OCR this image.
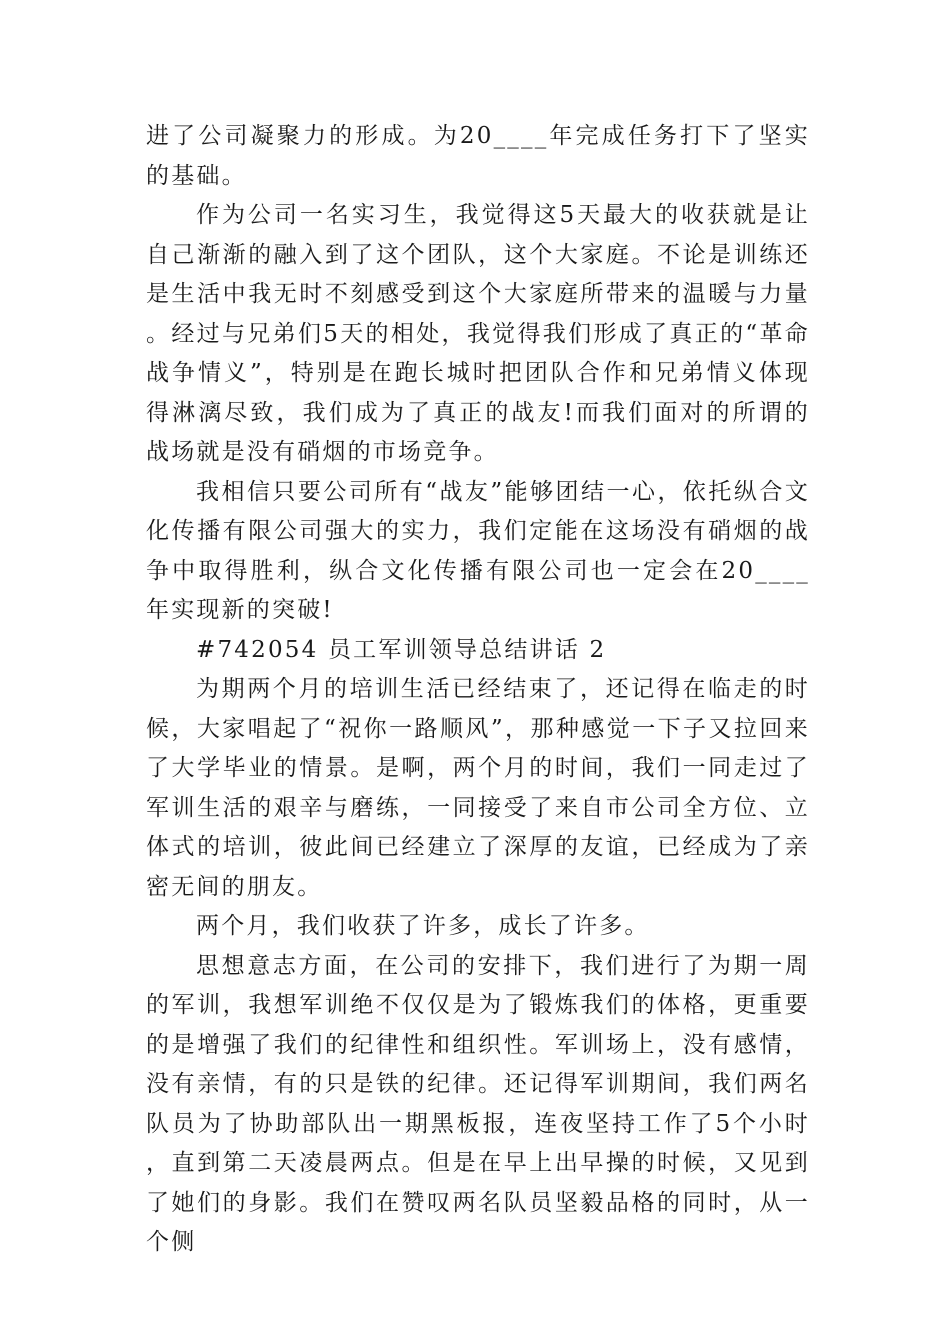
进了公司凝聚力的形成。为20____年完成任务打下了坚实的基础。

作为公司一名实习生，我觉得这5天最大的收获就是让自己渐渐的融入到了这个团队，这个大家庭。不论是训练还是生活中我无时不刻感受到这个大家庭所带来的温暖与力量。经过与兄弟们5天的相处，我觉得我们形成了真正的“革命战争情义”，特别是在跑长城时把团队合作和兄弟情义体现得淋漓尽致，我们成为了真正的战友!而我们面对的所谓的战场就是没有硝烟的市场竞争。

我相信只要公司所有“战友”能够团结一心，依托纵合文化传播有限公司强大的实力，我们定能在这场没有硝烟的战争中取得胜利，纵合文化传播有限公司也一定会在20____年实现新的突破!

#742054 员工军训领导总结讲话 2

为期两个月的培训生活已经结束了，还记得在临走的时候，大家唱起了“祝你一路顺风”，那种感觉一下子又拉回来了大学毕业的情景。是啊，两个月的时间，我们一同走过了军训生活的艰辛与磨练，一同接受了来自市公司全方位、立体式的培训，彼此间已经建立了深厚的友谊，已经成为了亲密无间的朋友。

两个月，我们收获了许多，成长了许多。

思想意志方面，在公司的安排下，我们进行了为期一周的军训，我想军训绝不仅仅是为了锻炼我们的体格，更重要的是增强了我们的纪律性和组织性。军训场上，没有感情，没有亲情，有的只是铁的纪律。还记得军训期间，我们两名队员为了协助部队出一期黑板报，连夜坚持工作了5个小时，直到第二天凌晨两点。但是在早上出早操的时候，又见到了她们的身影。我们在赞叹两名队员坚毅品格的同时，从一个侧
